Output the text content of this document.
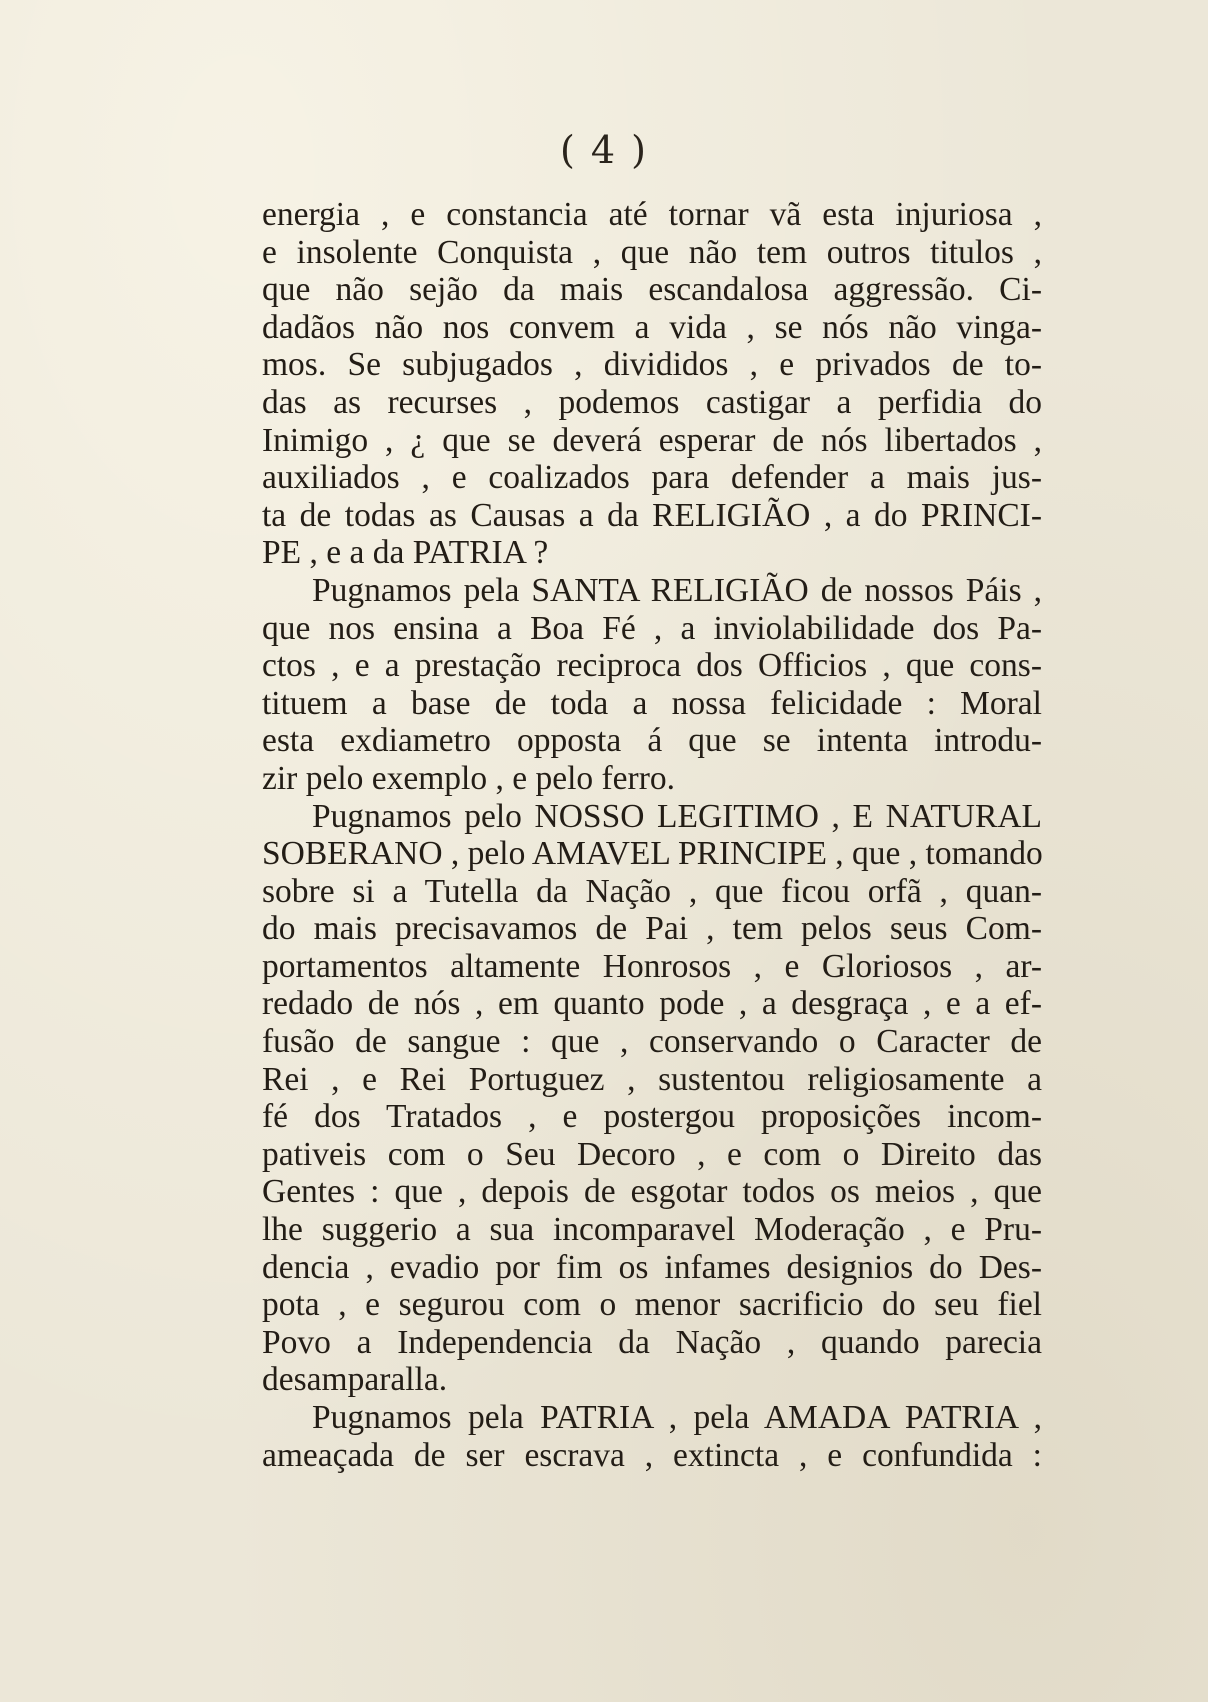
( 4 )
energia , e constancia até tornar vã esta injuriosa ,
e insolente Conquista , que não tem outros titulos ,
que não sejão da mais escandalosa aggressão. Ci-
dadãos não nos convem a vida , se nós não vinga-
mos. Se subjugados , divididos , e privados de to-
das as recurses , podemos castigar a perfidia do
Inimigo , ¿ que se deverá esperar de nós libertados ,
auxiliados , e coalizados para defender a mais jus-
ta de todas as Causas a da RELIGIÃO , a do PRINCI-
PE , e a da PATRIA ?
Pugnamos pela SANTA RELIGIÃO de nossos Páis ,
que nos ensina a Boa Fé , a inviolabilidade dos Pa-
ctos , e a prestação reciproca dos Officios , que cons-
tituem a base de toda a nossa felicidade : Moral
esta exdiametro opposta á que se intenta introdu-
zir pelo exemplo , e pelo ferro.
Pugnamos pelo NOSSO LEGITIMO , E NATURAL
SOBERANO , pelo AMAVEL PRINCIPE , que , tomando
sobre si a Tutella da Nação , que ficou orfã , quan-
do mais precisavamos de Pai , tem pelos seus Com-
portamentos altamente Honrosos , e Gloriosos , ar-
redado de nós , em quanto pode , a desgraça , e a ef-
fusão de sangue : que , conservando o Caracter de
Rei , e Rei Portuguez , sustentou religiosamente a
fé dos Tratados , e postergou proposições incom-
pativeis com o Seu Decoro , e com o Direito das
Gentes : que , depois de esgotar todos os meios , que
lhe suggerio a sua incomparavel Moderação , e Pru-
dencia , evadio por fim os infames designios do Des-
pota , e segurou com o menor sacrificio do seu fiel
Povo a Independencia da Nação , quando parecia
desamparalla.
Pugnamos pela PATRIA , pela AMADA PATRIA ,
ameaçada de ser escrava , extincta , e confundida :
